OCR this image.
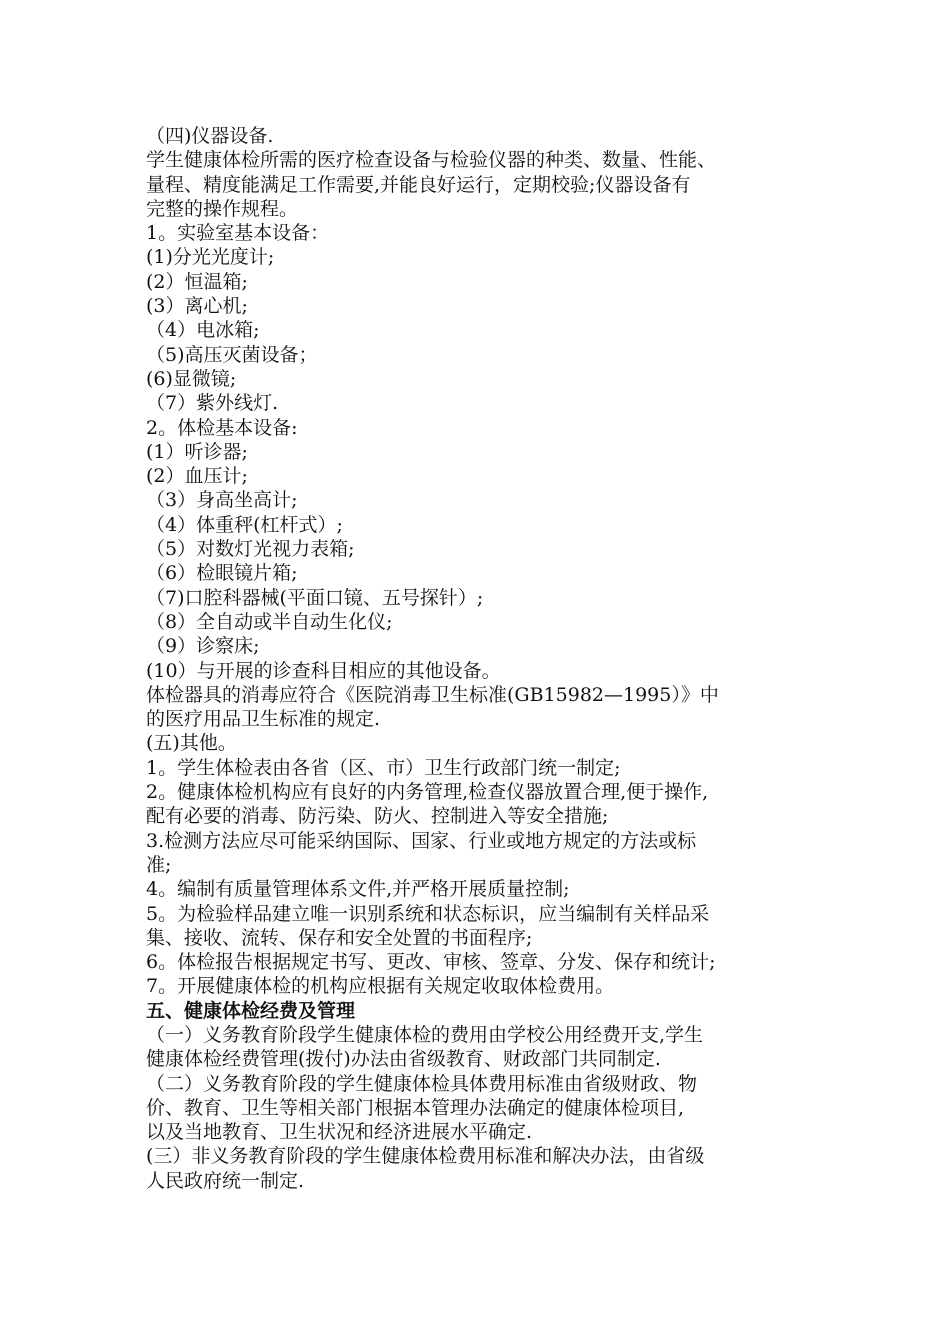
（四)仪器设备.
学生健康体检所需的医疗检查设备与检验仪器的种类、数量、性能、
量程、精度能满足工作需要,并能良好运行，定期校验;仪器设备有
完整的操作规程。
1。实验室基本设备：
(1)分光光度计;
(2）恒温箱;
(3）离心机;
（4）电冰箱;
（5)高压灭菌设备；
(6)显微镜;
（7）紫外线灯.
2。体检基本设备:
(1）听诊器;
(2）血压计;
（3）身高坐高计;
（4）体重秤(杠杆式）;
（5）对数灯光视力表箱;
（6）检眼镜片箱;
（7)口腔科器械(平面口镜、五号探针）;
（8）全自动或半自动生化仪;
（9）诊察床;
(10）与开展的诊查科目相应的其他设备。
体检器具的消毒应符合《医院消毒卫生标准(GB15982—1995）》中
的医疗用品卫生标准的规定.
(五)其他。
1。学生体检表由各省（区、市）卫生行政部门统一制定;
2。健康体检机构应有良好的内务管理,检查仪器放置合理,便于操作,
配有必要的消毒、防污染、防火、控制进入等安全措施;
3.检测方法应尽可能采纳国际、国家、行业或地方规定的方法或标
准;
4。编制有质量管理体系文件,并严格开展质量控制;
5。为检验样品建立唯一识别系统和状态标识，应当编制有关样品采
集、接收、流转、保存和安全处置的书面程序;
6。体检报告根据规定书写、更改、审核、签章、分发、保存和统计;
7。开展健康体检的机构应根据有关规定收取体检费用。
五、健康体检经费及管理
（一）义务教育阶段学生健康体检的费用由学校公用经费开支,学生
健康体检经费管理(拨付)办法由省级教育、财政部门共同制定.
（二）义务教育阶段的学生健康体检具体费用标准由省级财政、物
价、教育、卫生等相关部门根据本管理办法确定的健康体检项目,
以及当地教育、卫生状况和经济进展水平确定.
(三）非义务教育阶段的学生健康体检费用标准和解决办法，由省级
人民政府统一制定.
